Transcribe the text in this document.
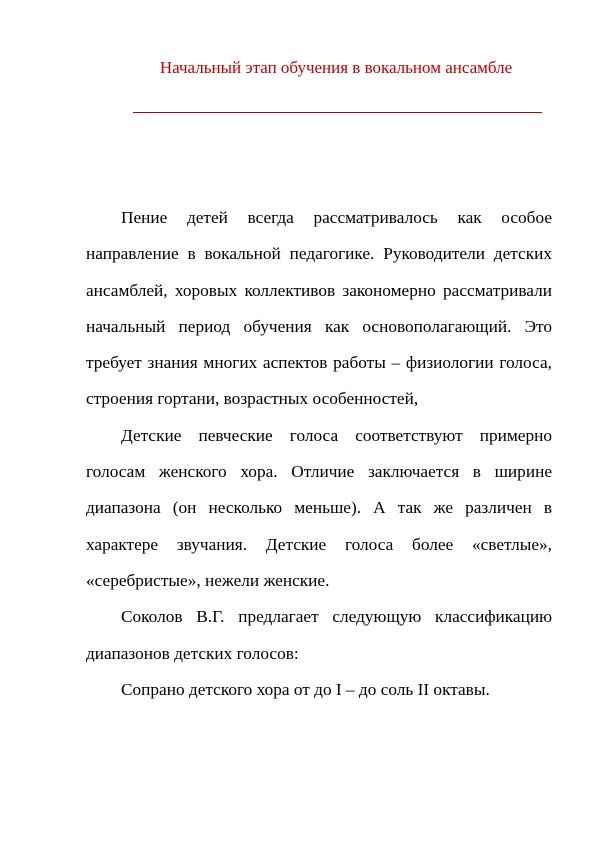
Начальный этап обучения в вокальном ансамбле

Пение детей всегда рассматривалось как особое направление в вокальной педагогике. Руководители детских ансамблей, хоровых коллективов закономерно рассматривали начальный период обучения как основополагающий. Это требует знания многих аспектов работы – физиологии голоса, строения гортани, возрастных особенностей,

Детские певческие голоса соответствуют примерно голосам женского хора. Отличие заключается в ширине диапазона (он несколько меньше). А так же различен в характере звучания. Детские голоса более «светлые», «серебристые», нежели женские.

Соколов В.Г. предлагает следующую классификацию диапазонов детских голосов:

Сопрано детского хора от до I – до соль II октавы.
